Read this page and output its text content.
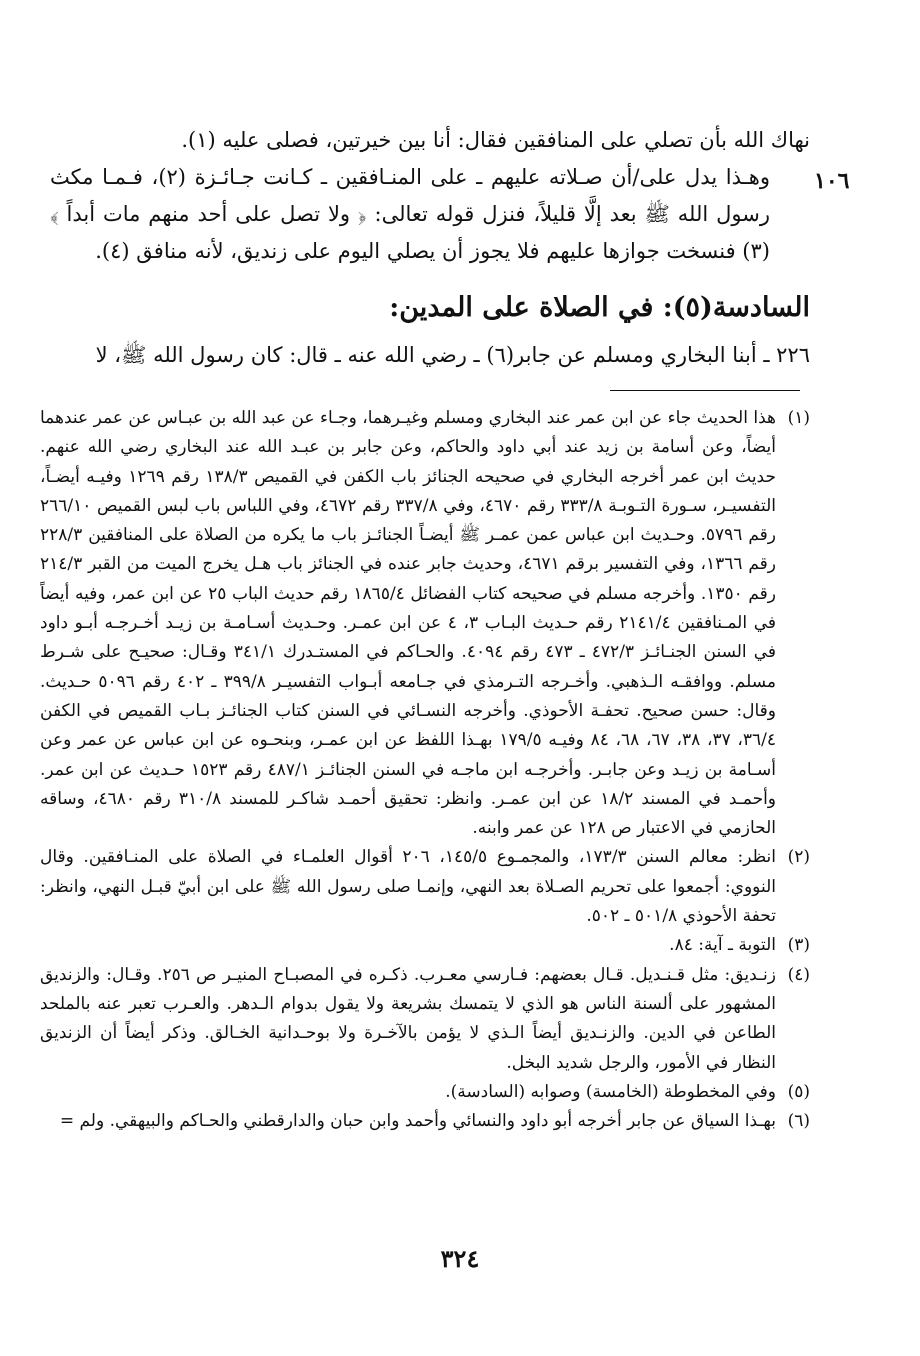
١٠٦

نهاك الله بأن تصلي على المنافقين فقال: أنا بين خيرتين، فصلى عليه (١).

وهـذا يدل على/أن صـلاته عليهم ـ على المنـافقين ـ كـانت جـائـزة (٢)، فـمـا مكث رسول الله ﷺ بعد إلَّا قليلاً، فنزل قوله تعالى: ﴿ ولا تصل على أحد منهم مات أبداً ﴾ (٣) فنسخت جوازها عليهم فلا يجوز أن يصلي اليوم على زنديق، لأنه منافق (٤).

السادسة(٥): في الصلاة على المدين:
٢٢٦ ـ أبنا البخاري ومسلم عن جابر(٦) ـ رضي الله عنه ـ قال: كان رسول الله ﷺ، لا

(١)
هذا الحديث جاء عن ابن عمر عند البخاري ومسلم وغيـرهما، وجـاء عن عبد الله بن عبـاس عن عمر عندهما أيضاً، وعن أسامة بن زيد عند أبي داود والحاكم، وعن جابر بن عبـد الله عند البخاري رضي الله عنهم. حديث ابن عمر أخرجه البخاري في صحيحه الجنائز باب الكفن في القميص ١٣٨/٣ رقم ١٢٦٩ وفيـه أيضـاً، التفسيـر، سـورة التـوبـة ٣٣٣/٨ رقم ٤٦٧٠، وفي ٣٣٧/٨ رقم ٤٦٧٢، وفي اللباس باب لبس القميص ٢٦٦/١٠ رقم ٥٧٩٦. وحـديث ابن عباس عمن عمـر ﷺ أيضـاً الجنائـز باب ما يكره من الصلاة على المنافقين ٢٢٨/٣ رقم ١٣٦٦، وفي التفسير برقم ٤٦٧١، وحديث جابر عنده في الجنائز باب هـل يخرج الميت من القبر ٢١٤/٣ رقم ١٣٥٠. وأخرجه مسلم في صحيحه كتاب الفضائل ١٨٦٥/٤ رقم حديث الباب ٢٥ عن ابن عمر، وفيه أيضاً في المـنافقين ٢١٤١/٤ رقم حـديث البـاب ٣، ٤ عن ابن عمـر. وحـديث أسـامـة بن زيـد أخـرجـه أبـو داود في السنن الجنـائـز ٤٧٢/٣ ـ ٤٧٣ رقم ٤٠٩٤. والحـاكم في المستـدرك ٣٤١/١ وقـال: صحيـح على شـرط مسلم. ووافقـه الـذهبي. وأخـرجه التـرمذي في جـامعه أبـواب التفسيـر ٣٩٩/٨ ـ ٤٠٢ رقم ٥٠٩٦ حـديث. وقال: حسن صحيح. تحفـة الأحوذي. وأخرجه النسـائي في السنن كتاب الجنائـز بـاب القميص في الكفن ٣٦/٤، ٣٧، ٣٨، ٦٧، ٦٨، ٨٤ وفيـه ١٧٩/٥ بهـذا اللفظ عن ابن عمـر، وبنحـوه عن ابن عباس عن عمر وعن أسـامة بن زيـد وعن جابـر. وأخرجـه ابن ماجـه في السنن الجنائـز ٤٨٧/١ رقم ١٥٢٣ حـديث عن ابن عمر. وأحمـد في المسند ١٨/٢ عن ابن عمـر. وانظر: تحقيق أحمـد شاكـر للمسند ٣١٠/٨ رقم ٤٦٨٠، وساقه الحازمي في الاعتبار ص ١٢٨ عن عمر وابنه.

(٢)
انظر: معالم السنن ١٧٣/٣، والمجمـوع ١٤٥/٥، ٢٠٦ أقوال العلمـاء في الصلاة على المنـافقين. وقال النووي: أجمعوا على تحريم الصـلاة بعد النهي، وإنمـا صلى رسول الله ﷺ على ابن أبيّ قبـل النهي، وانظر: تحفة الأحوذي ٥٠١/٨ ـ ٥٠٢.

(٣)
التوبة ـ آية: ٨٤.

(٤)
زنـديق: مثل قـنـديل. قـال بعضهم: فـارسي معـرب. ذكـره في المصبـاح المنيـر ص ٢٥٦. وقـال: والزنديق المشهور على ألسنة الناس هو الذي لا يتمسك بشريعة ولا يقول بدوام الـدهر. والعـرب تعبر عنه بالملحد الطاعن في الدين. والزنـديق أيضاً الـذي لا يؤمن بالآخـرة ولا بوحـدانية الخـالق. وذكر أيضاً أن الزنديق النظار في الأمور، والرجل شديد البخل.

(٥)
وفي المخطوطة (الخامسة) وصوابه (السادسة).

(٦)
بهـذا السياق عن جابر أخرجه أبو داود والنسائي وأحمد وابن حبان والدارقطني والحـاكم والبيهقي. ولم =

٣٢٤
